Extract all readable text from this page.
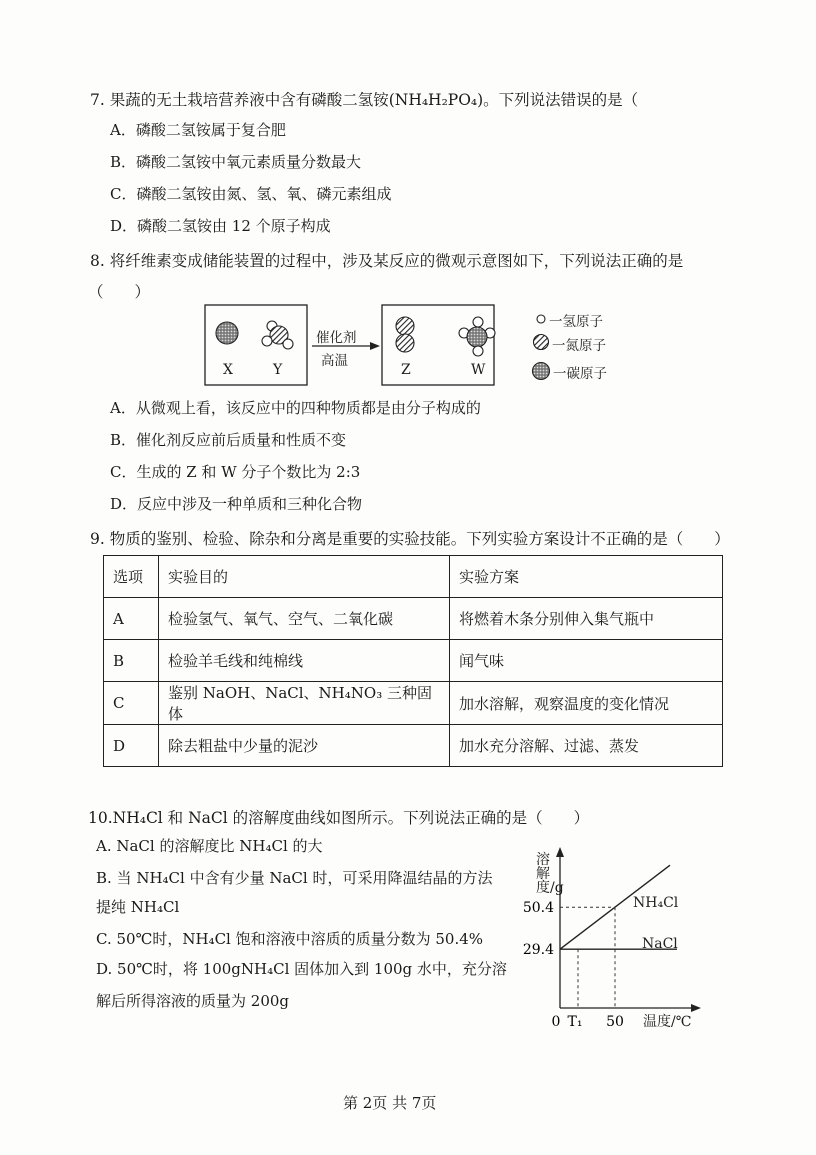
7. 果蔬的无土栽培营养液中含有磷酸二氢铵(NH₄H₂PO₄)。下列说法错误的是（
A．磷酸二氢铵属于复合肥
B．磷酸二氢铵中氧元素质量分数最大
C．磷酸二氢铵由氮、氢、氧、磷元素组成
D．磷酸二氢铵由 12 个原子构成
8. 将纤维素变成储能装置的过程中，涉及某反应的微观示意图如下，下列说法正确的是
（　　）
X	Y	Z	W
催化剂
高温
一氢原子
一氮原子
一碳原子
A．从微观上看，该反应中的四种物质都是由分子构成的
B．催化剂反应前后质量和性质不变
C．生成的 Z 和 W 分子个数比为 2:3
D．反应中涉及一种单质和三种化合物
9. 物质的鉴别、检验、除杂和分离是重要的实验技能。下列实验方案设计不正确的是（　　）
选项	实验目的	实验方案
A	检验氢气、氧气、空气、二氧化碳	将燃着木条分别伸入集气瓶中
B	检验羊毛线和纯棉线	闻气味
C	鉴别 NaOH、NaCl、NH₄NO₃ 三种固体	加水溶解，观察温度的变化情况
D	除去粗盐中少量的泥沙	加水充分溶解、过滤、蒸发
10.NH₄Cl 和 NaCl 的溶解度曲线如图所示。下列说法正确的是（　　）
A. NaCl 的溶解度比 NH₄Cl 的大
B. 当 NH₄Cl 中含有少量 NaCl 时，可采用降温结晶的方法
提纯 NH₄Cl
C. 50℃时，NH₄Cl 饱和溶液中溶质的质量分数为 50.4%
D. 50℃时，将 100gNH₄Cl 固体加入到 100g 水中，充分溶
解后所得溶液的质量为 200g
NH₄Cl
NaCl
29.4
50.4
0 T₁ 50
溶解度/g
温度/℃
第 2页 共 7页
